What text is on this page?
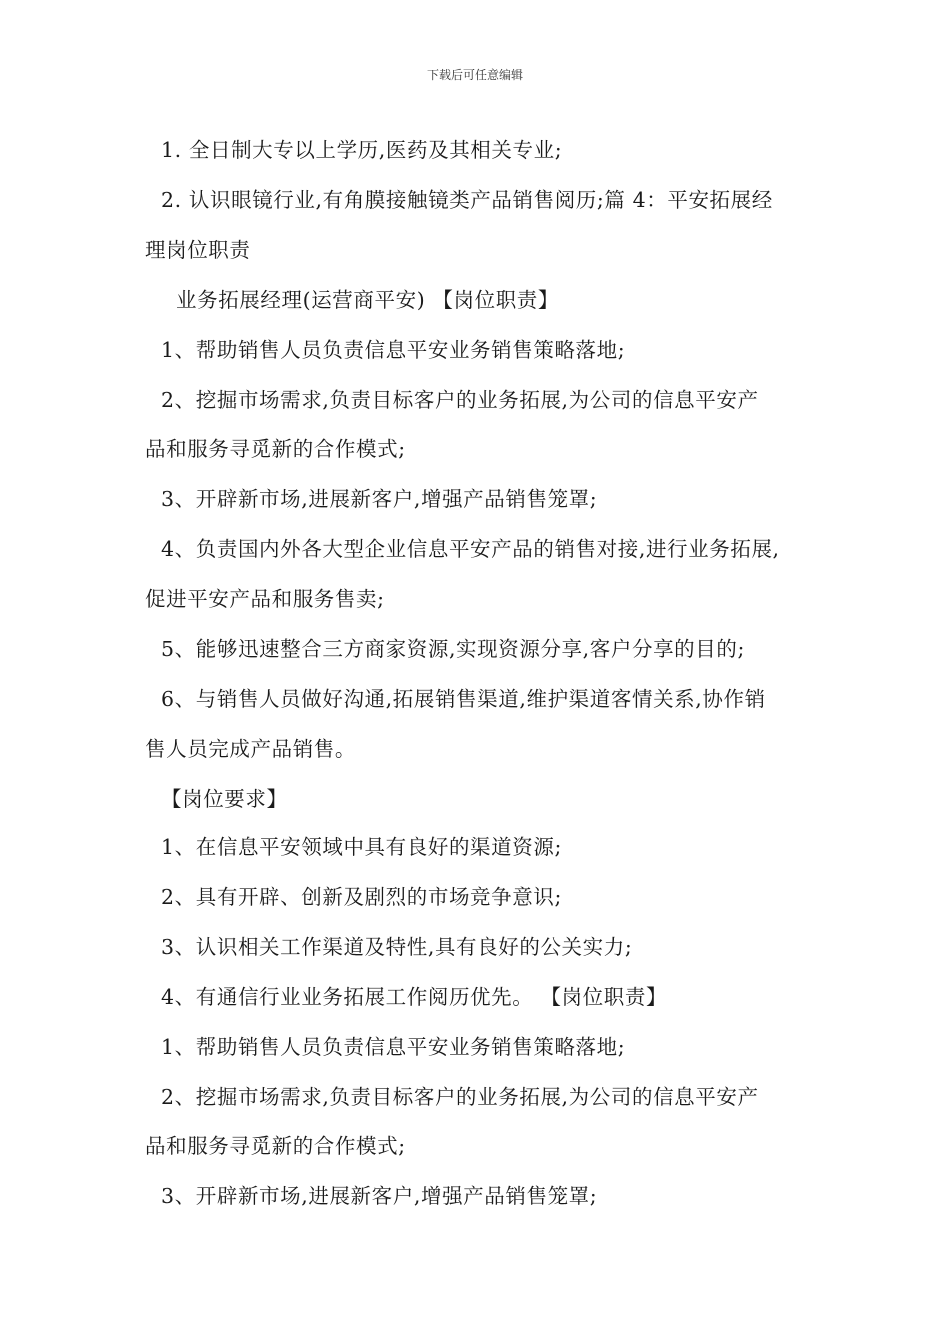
下载后可任意编辑
1. 全日制大专以上学历,医药及其相关专业;
2. 认识眼镜行业,有角膜接触镜类产品销售阅历;篇 4：平安拓展经
理岗位职责
业务拓展经理(运营商平安) 【岗位职责】
1、帮助销售人员负责信息平安业务销售策略落地;
2、挖掘市场需求,负责目标客户的业务拓展,为公司的信息平安产
品和服务寻觅新的合作模式;
3、开辟新市场,进展新客户,增强产品销售笼罩;
4、负责国内外各大型企业信息平安产品的销售对接,进行业务拓展,
促进平安产品和服务售卖;
5、能够迅速整合三方商家资源,实现资源分享,客户分享的目的;
6、与销售人员做好沟通,拓展销售渠道,维护渠道客情关系,协作销
售人员完成产品销售。
【岗位要求】
1、在信息平安领域中具有良好的渠道资源;
2、具有开辟、创新及剧烈的市场竞争意识;
3、认识相关工作渠道及特性,具有良好的公关实力;
4、有通信行业业务拓展工作阅历优先。 【岗位职责】
1、帮助销售人员负责信息平安业务销售策略落地;
2、挖掘市场需求,负责目标客户的业务拓展,为公司的信息平安产
品和服务寻觅新的合作模式;
3、开辟新市场,进展新客户,增强产品销售笼罩;
